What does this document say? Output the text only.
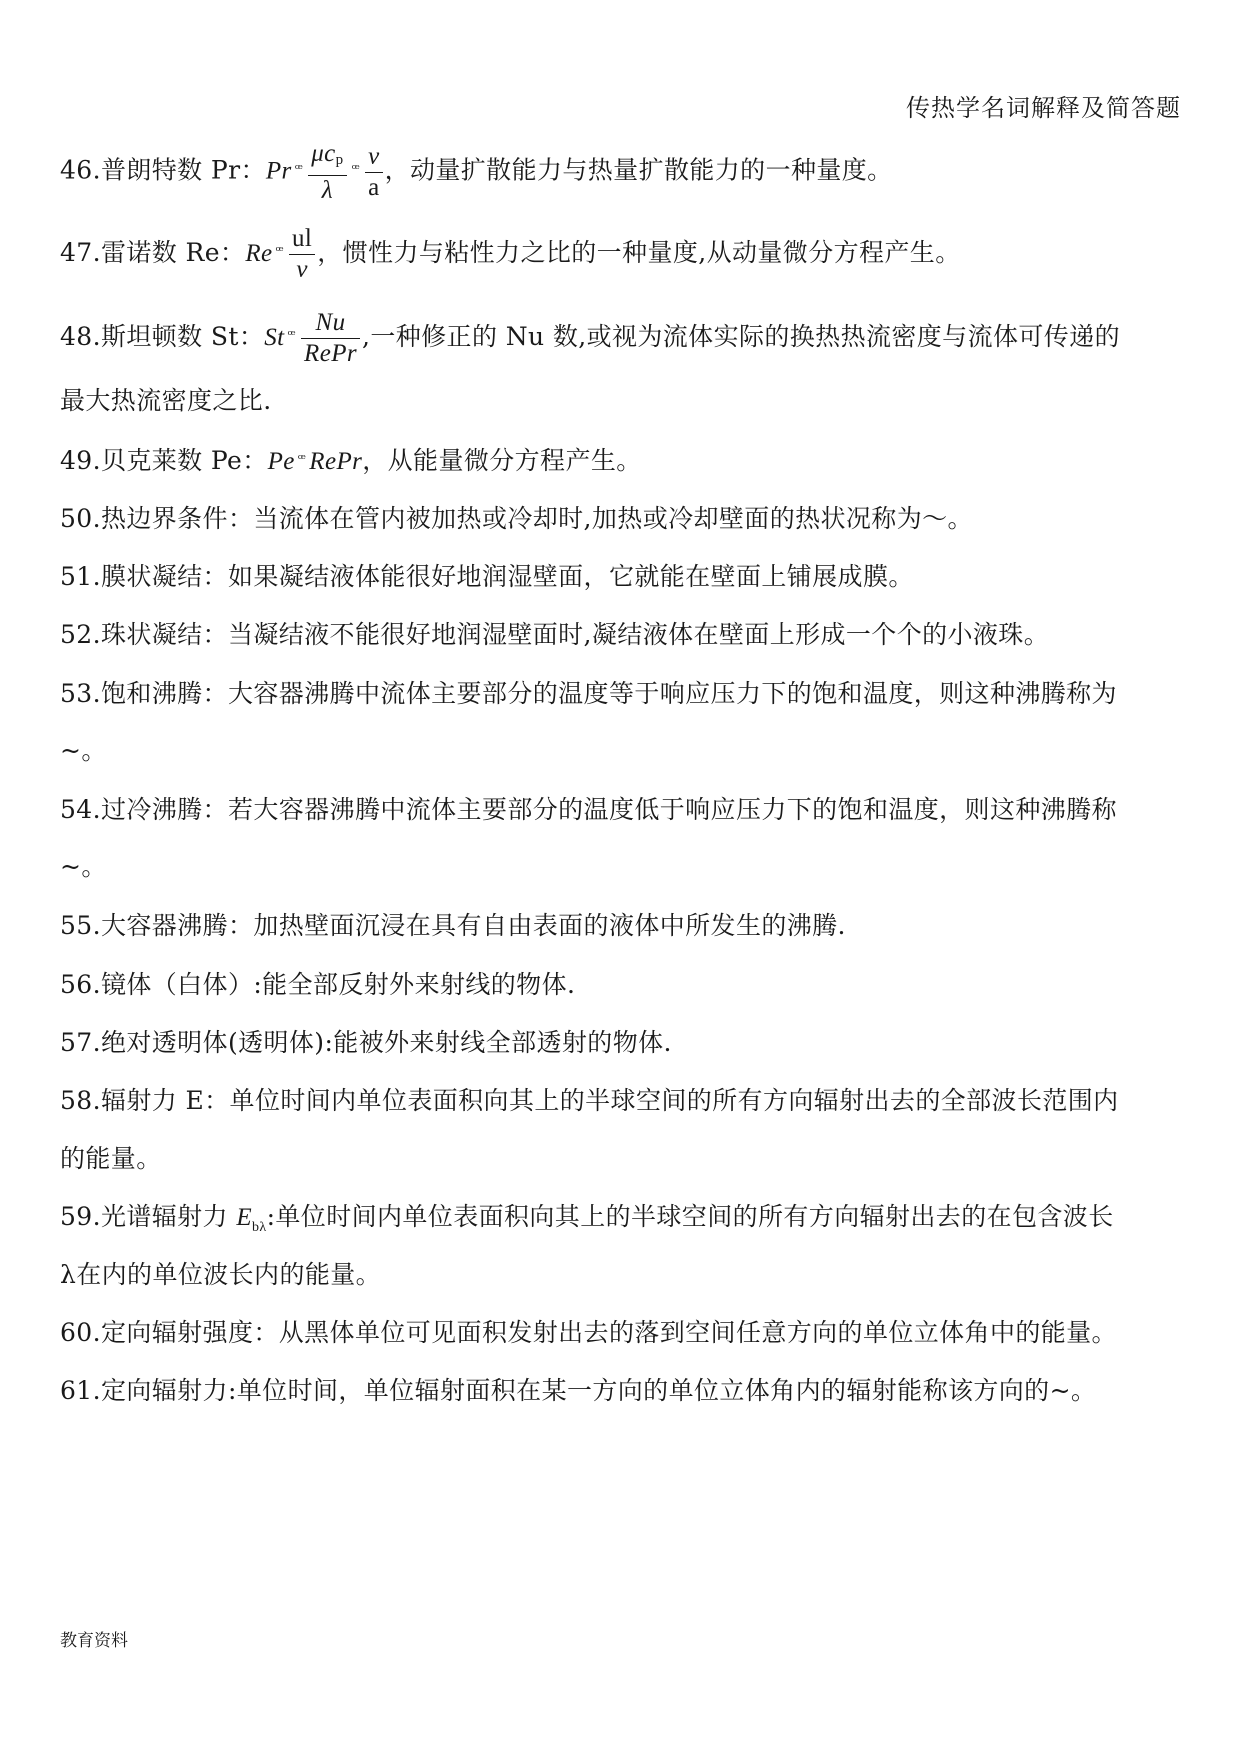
传热学名词解释及简答题
46.普朗特数 Pr：Pr $^ꟹ \frac{\mu c_p}{\lambda} ^ꟹ \frac{\nu}{a}$ ，动量扩散能力与热量扩散能力的一种量度。
47.雷诺数 Re：Re $^ꟹ \frac{ul}{\nu}$ ，惯性力与粘性力之比的一种量度,从动量微分方程产生。
48.斯坦顿数 St：St $^ꟹ \frac{Nu}{\text{RePr}}$ ,一种修正的 Nu 数,或视为流体实际的换热热流密度与流体可传递的
最大热流密度之比.
49.贝克莱数 Pe：Pe $^ꟹ$ RePr，从能量微分方程产生。
50.热边界条件：当流体在管内被加热或冷却时,加热或冷却壁面的热状况称为～。
51.膜状凝结：如果凝结液体能很好地润湿壁面，它就能在壁面上铺展成膜。
52.珠状凝结：当凝结液不能很好地润湿壁面时,凝结液体在壁面上形成一个个的小液珠。
53.饱和沸腾：大容器沸腾中流体主要部分的温度等于响应压力下的饱和温度，则这种沸腾称为
~。
54.过冷沸腾：若大容器沸腾中流体主要部分的温度低于响应压力下的饱和温度，则这种沸腾称
~。
55.大容器沸腾：加热壁面沉浸在具有自由表面的液体中所发生的沸腾.
56.镜体（白体）:能全部反射外来射线的物体.
57.绝对透明体(透明体):能被外来射线全部透射的物体.
58.辐射力 E：单位时间内单位表面积向其上的半球空间的所有方向辐射出去的全部波长范围内
的能量。
59.光谱辐射力 $E_{b\lambda}$:单位时间内单位表面积向其上的半球空间的所有方向辐射出去的在包含波长
λ在内的单位波长内的能量。
60.定向辐射强度：从黑体单位可见面积发射出去的落到空间任意方向的单位立体角中的能量。
61.定向辐射力:单位时间，单位辐射面积在某一方向的单位立体角内的辐射能称该方向的~。
教育资料
